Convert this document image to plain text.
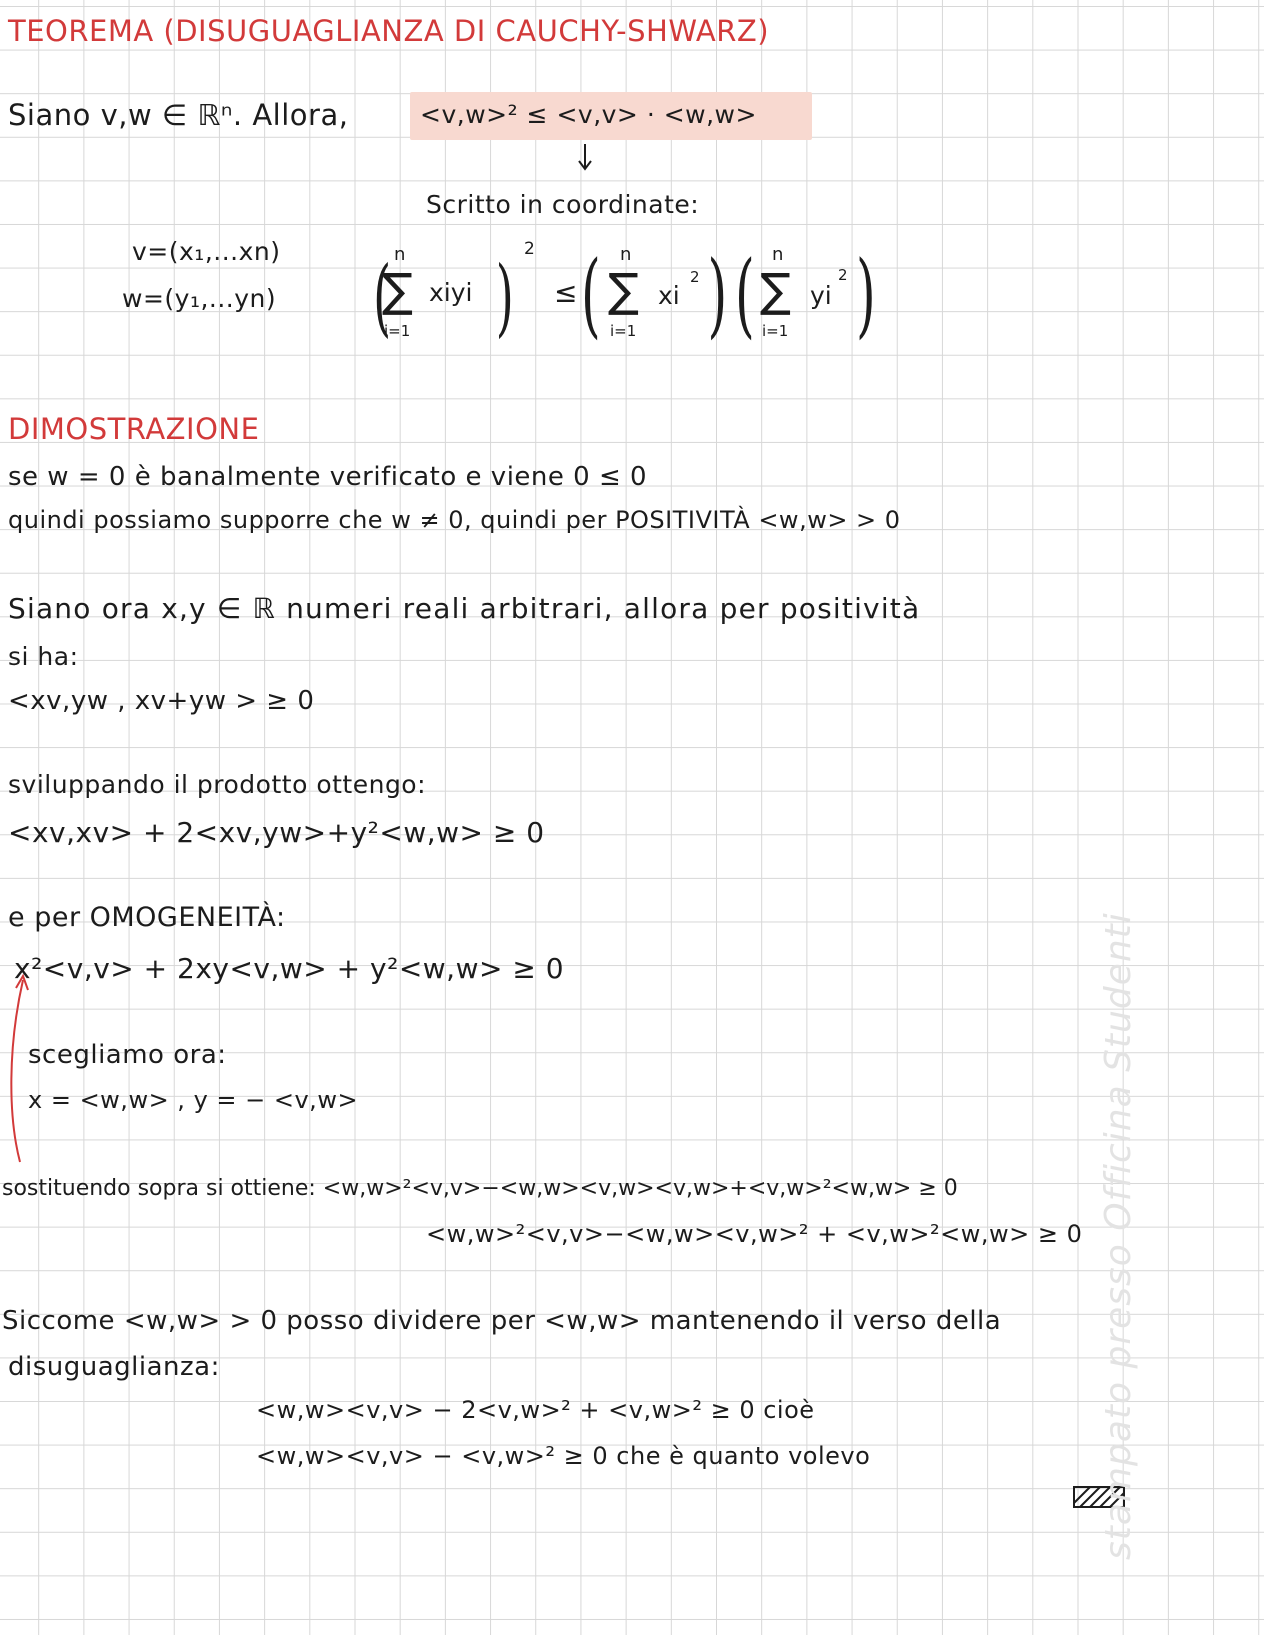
TEOREMA (DISUGUAGLIANZA DI CAUCHY-SHWARZ)
Siano v,w ∈ ℝⁿ. Allora,	<v,w>² ≤ <v,v> · <w,w>
Scritto in coordinate:
v=(x₁,...xn)
w=(y₁,...yn) ( n
∑
i=1
xiyi ) 2
≤ ( n
∑
i=1
xi
2 ) ( n
∑
i=1
yi
2 )
DIMOSTRAZIONE
se w = 0 è banalmente verificato e viene 0 ≤ 0
quindi possiamo supporre che w ≠ 0, quindi per POSITIVITÀ <w,w> > 0
Siano ora x,y ∈ ℝ numeri reali arbitrari, allora per positività
si ha:
<xv,yw , xv+yw > ≥ 0
sviluppando il prodotto ottengo:
<xv,xv> + 2<xv,yw>+y²<w,w> ≥ 0
e per OMOGENEITÀ:
x²<v,v> + 2xy<v,w> + y²<w,w> ≥ 0
scegliamo ora:
x = <w,w> , y = − <v,w>
sostituendo sopra si ottiene: <w,w>²<v,v>−<w,w><v,w><v,w>+<v,w>²<w,w> ≥ 0
<w,w>²<v,v>−<w,w><v,w>² + <v,w>²<w,w> ≥ 0
Siccome <w,w> > 0 posso dividere per <w,w> mantenendo il verso della
disuguaglianza:
<w,w><v,v> − 2<v,w>² + <v,w>² ≥ 0 cioè
<w,w><v,v> − <v,w>² ≥ 0 che è quanto volevo	stampato presso Officina Studenti
